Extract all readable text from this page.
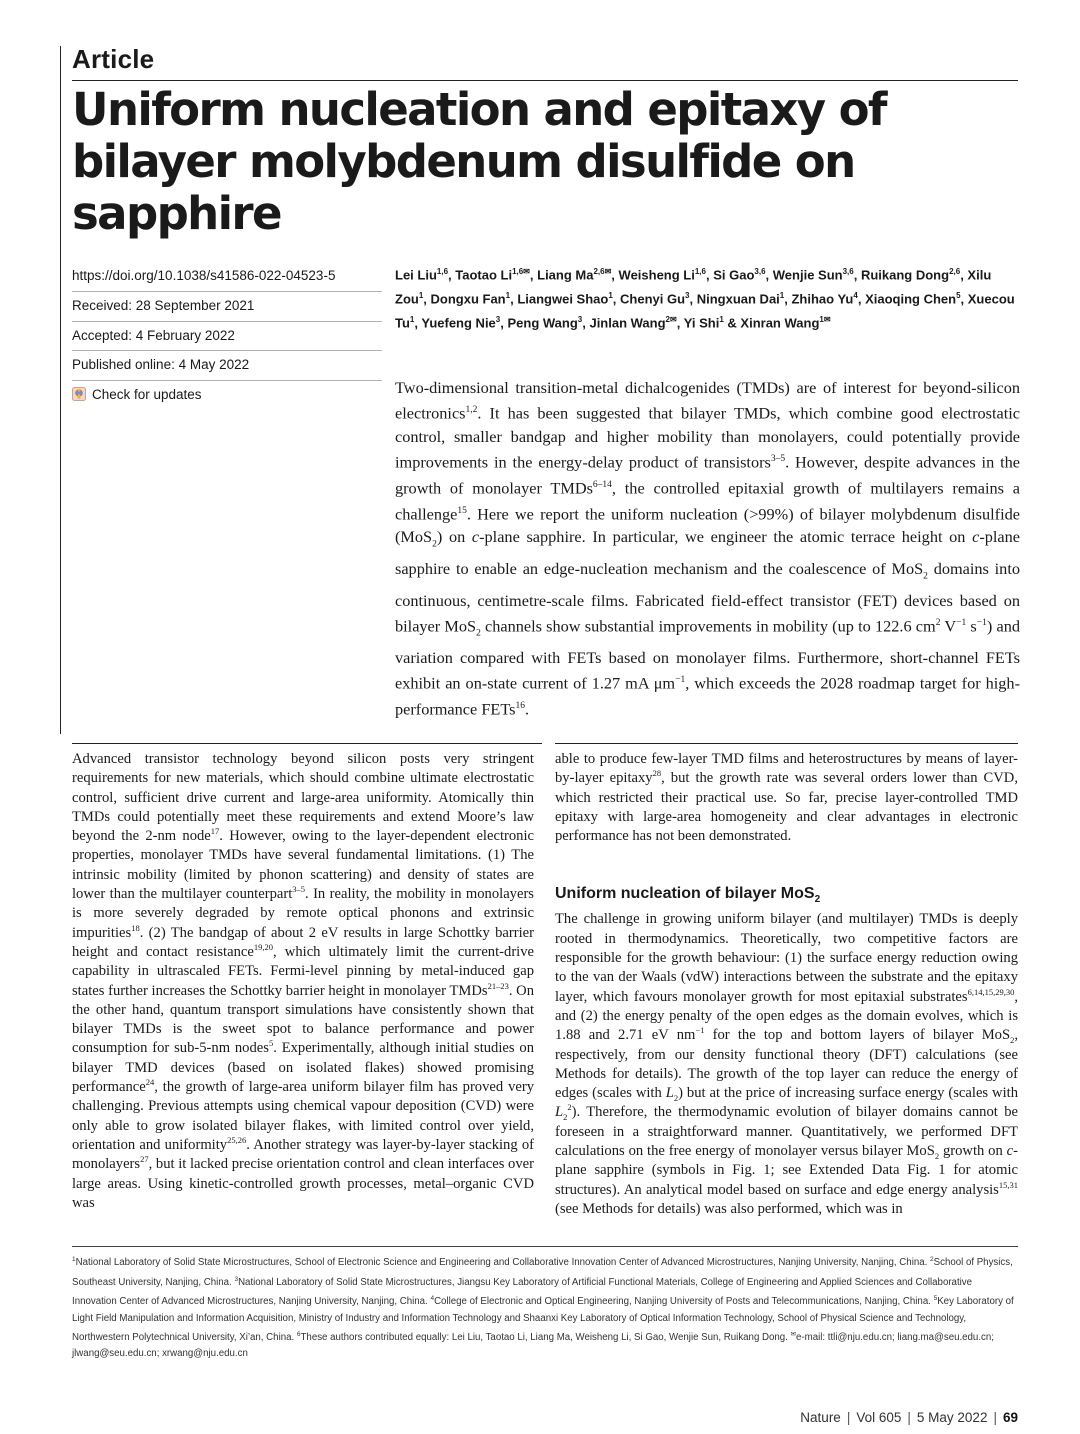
Article
Uniform nucleation and epitaxy of bilayer molybdenum disulfide on sapphire
https://doi.org/10.1038/s41586-022-04523-5
Received: 28 September 2021
Accepted: 4 February 2022
Published online: 4 May 2022
Check for updates
Lei Liu$^{1,6}$, Taotao $Li^{1,6✉}$, Liang $Ma^{2,6✉}$, Weisheng Li$^{1,6}$, Si Gao$^{3,6}$, Wenjie Sun$^{3,6}$, Ruikang Dong$^{2,6}$, Xilu Zou$^1$, Dongxu Fan$^1$, Liangwei Shao$^1$, Chenyi Gu$^3$, Ningxuan Dai$^1$, Zhihao Yu$^4$, Xiaoqing Chen$^5$, Xuecou Tu$^1$, Yuefeng Nie$^3$, Peng Wang$^3$, Jinlan Wang$^{2✉}$, Yi Shi$^1$ & Xinran Wang$^{1✉}$
Two-dimensional transition-metal dichalcogenides (TMDs) are of interest for beyond-silicon electronics$^{1,2}$. It has been suggested that bilayer TMDs, which combine good electrostatic control, smaller bandgap and higher mobility than monolayers, could potentially provide improvements in the energy-delay product of transistors$^{3-5}$. However, despite advances in the growth of monolayer TMDs$^{6-14}$, the controlled epitaxial growth of multilayers remains a challenge$^{15}$. Here we report the uniform nucleation (>99%) of bilayer molybdenum disulfide (MoS$_2$) on c-plane sapphire. In particular, we engineer the atomic terrace height on c-plane sapphire to enable an edge-nucleation mechanism and the coalescence of MoS$_2$ domains into continuous, centimetre-scale films. Fabricated field-effect transistor (FET) devices based on bilayer MoS$_2$ channels show substantial improvements in mobility (up to 122.6 $cm^2$ $V^{-1}$ $s^{-1}$) and variation compared with FETs based on monolayer films. Furthermore, short-channel FETs exhibit an on-state current of 1.27 mA $\mu m^{-1}$, which exceeds the 2028 roadmap target for high-performance FETs$^{16}$.
Advanced transistor technology beyond silicon posts very stringent requirements for new materials, which should combine ultimate electrostatic control, sufficient drive current and large-area uniformity. Atomically thin TMDs could potentially meet these requirements and extend Moore’s law beyond the 2-nm node$^{17}$. However, owing to the layer-dependent electronic properties, monolayer TMDs have several fundamental limitations. (1) The intrinsic mobility (limited by phonon scattering) and density of states are lower than the multilayer counterpart$^{3-5}$. In reality, the mobility in monolayers is more severely degraded by remote optical phonons and extrinsic impurities$^{18}$. (2) The bandgap of about 2 eV results in large Schottky barrier height and contact resistance$^{19,20}$, which ultimately limit the current-drive capability in ultrascaled FETs. Fermi-level pinning by metal-induced gap states further increases the Schottky barrier height in monolayer TMDs$^{21-23}$. On the other hand, quantum transport simulations have consistently shown that bilayer TMDs is the sweet spot to balance performance and power consumption for sub-5-nm nodes$^5$. Experimentally, although initial studies on bilayer TMD devices (based on isolated flakes) showed promising performance$^{24}$, the growth of large-area uniform bilayer film has proved very challenging. Previous attempts using chemical vapour deposition (CVD) were only able to grow isolated bilayer flakes, with limited control over yield, orientation and uniformity$^{25,26}$. Another strategy was layer-by-layer stacking of monolayers$^{27}$, but it lacked precise orientation control and clean interfaces over large areas. Using kinetic-controlled growth processes, metal–organic CVD was
able to produce few-layer TMD films and heterostructures by means of layer-by-layer epitaxy$^{28}$, but the growth rate was several orders lower than CVD, which restricted their practical use. So far, precise layer-controlled TMD epitaxy with large-area homogeneity and clear advantages in electronic performance has not been demonstrated.
Uniform nucleation of bilayer MoS$_2$
The challenge in growing uniform bilayer (and multilayer) TMDs is deeply rooted in thermodynamics. Theoretically, two competitive factors are responsible for the growth behaviour: (1) the surface energy reduction owing to the van der Waals (vdW) interactions between the substrate and the epitaxy layer, which favours monolayer growth for most epitaxial substrates$^{6,14,15,29,30}$, and (2) the energy penalty of the open edges as the domain evolves, which is 1.88 and 2.71 eV $nm^{-1}$ for the top and bottom layers of bilayer MoS$_2$, respectively, from our density functional theory (DFT) calculations (see Methods for details). The growth of the top layer can reduce the energy of edges (scales with $L_2$) but at the price of increasing surface energy (scales with $L_2^2$). Therefore, the thermodynamic evolution of bilayer domains cannot be foreseen in a straightforward manner. Quantitatively, we performed DFT calculations on the free energy of monolayer versus bilayer MoS$_2$ growth on c-plane sapphire (symbols in Fig. 1; see Extended Data Fig. 1 for atomic structures). An analytical model based on surface and edge energy analysis$^{15,31}$ (see Methods for details) was also performed, which was in
$^1$National Laboratory of Solid State Microstructures, School of Electronic Science and Engineering and Collaborative Innovation Center of Advanced Microstructures, Nanjing University, Nanjing, China. $^2$School of Physics, Southeast University, Nanjing, China. $^3$National Laboratory of Solid State Microstructures, Jiangsu Key Laboratory of Artificial Functional Materials, College of Engineering and Applied Sciences and Collaborative Innovation Center of Advanced Microstructures, Nanjing University, Nanjing, China. $^4$College of Electronic and Optical Engineering, Nanjing University of Posts and Telecommunications, Nanjing, China. $^5$Key Laboratory of Light Field Manipulation and Information Acquisition, Ministry of Industry and Information Technology and Shaanxi Key Laboratory of Optical Information Technology, School of Physical Science and Technology, Northwestern Polytechnical University, Xi’an, China. $^6$These authors contributed equally: Lei Liu, Taotao Li, Liang Ma, Weisheng Li, Si Gao, Wenjie Sun, Ruikang Dong. ✉e-mail: ttli@nju.edu.cn; liang.ma@seu.edu.cn; jlwang@seu.edu.cn; xrwang@nju.edu.cn
Nature | Vol 605 | 5 May 2022 | 69
